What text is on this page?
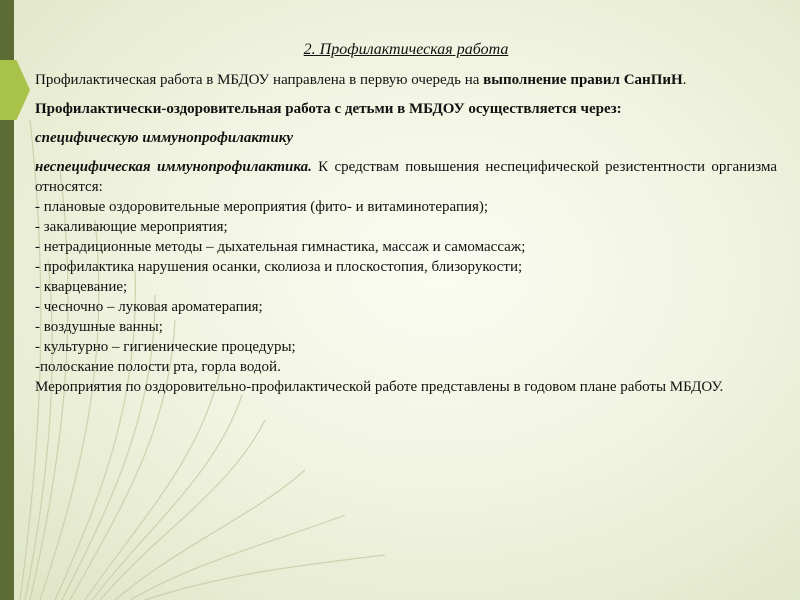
2. Профилактическая работа

Профилактическая работа в МБДОУ направлена в первую очередь на выполнение правил СанПиН.

Профилактически-оздоровительная работа с детьми в МБДОУ осуществляется через:

специфическую иммунопрофилактику

неспецифическая иммунопрофилактика. К средствам повышения неспецифической резистентности организма относятся:

- плановые оздоровительные мероприятия (фито- и витаминотерапия);
- закаливающие мероприятия;
- нетрадиционные методы – дыхательная гимнастика, массаж и самомассаж;
- профилактика нарушения осанки, сколиоза и плоскостопия, близорукости;
- кварцевание;
- чесночно – луковая ароматерапия;
- воздушные ванны;
- культурно – гигиенические процедуры;
-полоскание полости рта, горла водой.

Мероприятия по оздоровительно-профилактической работе представлены в годовом плане работы МБДОУ.
